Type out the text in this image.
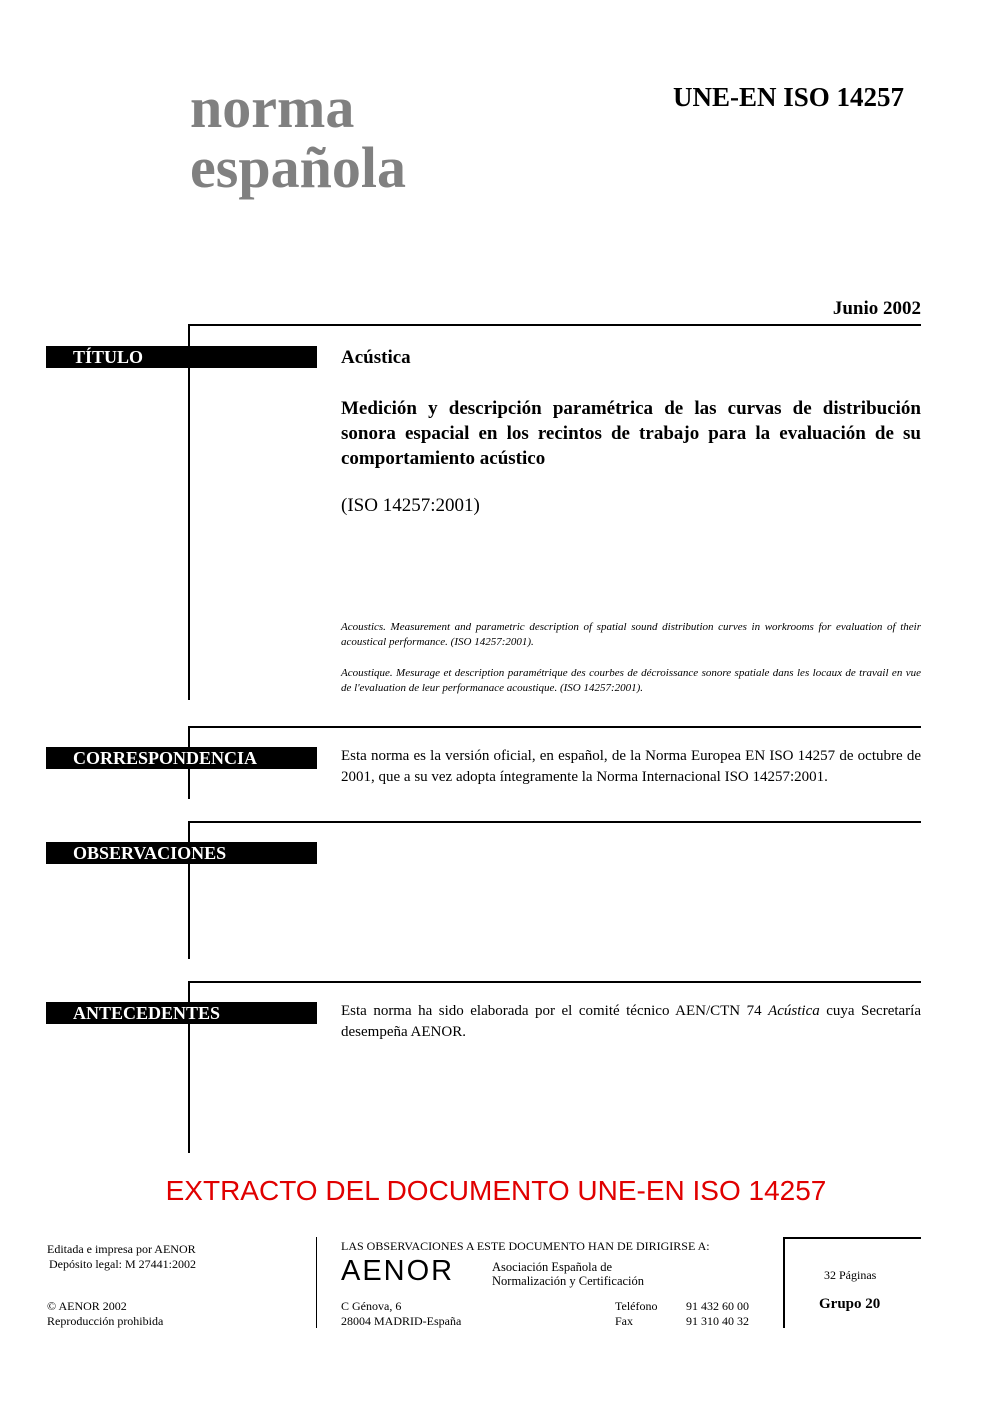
norma
española
UNE-EN ISO 14257
Junio 2002
TÍTULO	Acústica
Medición y descripción paramétrica de las curvas de distribución sonora espacial en los recintos de trabajo para la evaluación de su comportamiento acústico
(ISO 14257:2001)
Acoustics. Measurement and parametric description of spatial sound distribution curves in workrooms for evaluation of their acoustical performance. (ISO 14257:2001).
Acoustique. Mesurage et description paramétrique des courbes de décroissance sonore spatiale dans les locaux de travail en vue de l'evaluation de leur performanace acoustique. (ISO 14257:2001).
CORRESPONDENCIA	Esta norma es la versión oficial, en español, de la Norma Europea EN ISO 14257 de octubre de 2001, que a su vez adopta íntegramente la Norma Internacional ISO 14257:2001.
OBSERVACIONES
ANTECEDENTES	Esta norma ha sido elaborada por el comité técnico AEN/CTN 74 Acústica cuya Secretaría desempeña AENOR.
EXTRACTO DEL DOCUMENTO UNE-EN ISO 14257
Editada e impresa por AENOR
Depósito legal: M 27441:2002
© AENOR 2002
Reproducción prohibida
LAS OBSERVACIONES A ESTE DOCUMENTO HAN DE DIRIGIRSE A:
AENOR	Asociación Española de
Normalización y Certificación
C Génova, 6
28004 MADRID-España
Teléfono 91 432 60 00
Fax	91 310 40 32
32 Páginas
Grupo 20
